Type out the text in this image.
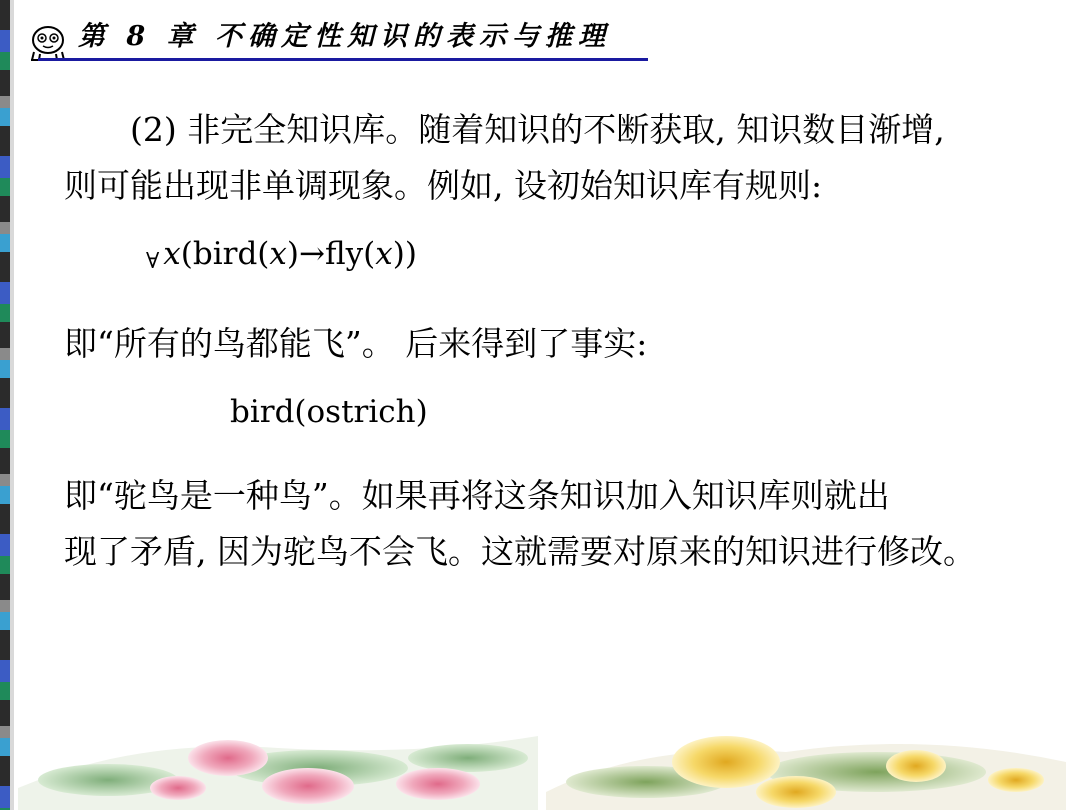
第 8 章 不确定性知识的表示与推理
(2) 非完全知识库。随着知识的不断获取, 知识数目渐增,
则可能出现非单调现象。例如, 设初始知识库有规则:
∀ x(bird(x)→fly(x))
即“所有的鸟都能飞”。 后来得到了事实:
bird(ostrich)
即“驼鸟是一种鸟”。如果再将这条知识加入知识库则就出
现了矛盾, 因为驼鸟不会飞。这就需要对原来的知识进行修改。
